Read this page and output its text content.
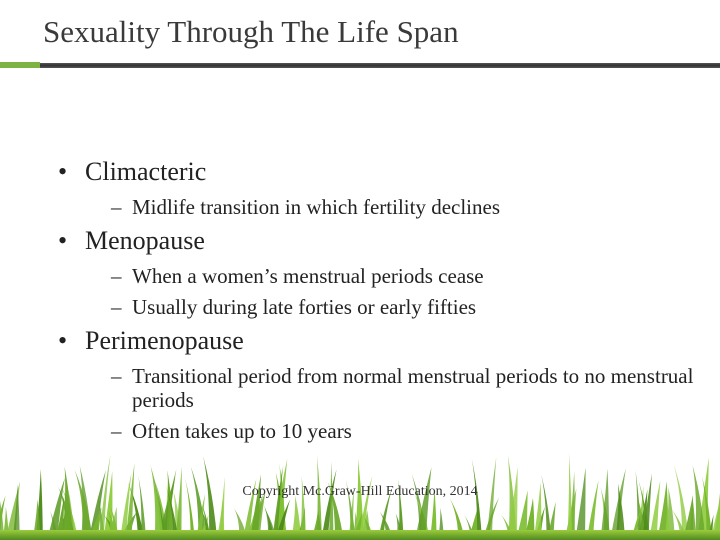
Sexuality Through The Life Span
• Climacteric
– Midlife transition in which fertility declines
• Menopause
– When a women’s menstrual periods cease
– Usually during late forties or early fifties
• Perimenopause
– Transitional period from normal menstrual periods to no menstrual periods
– Often takes up to 10 years
Copyright Mc.Graw-Hill Education, 2014
